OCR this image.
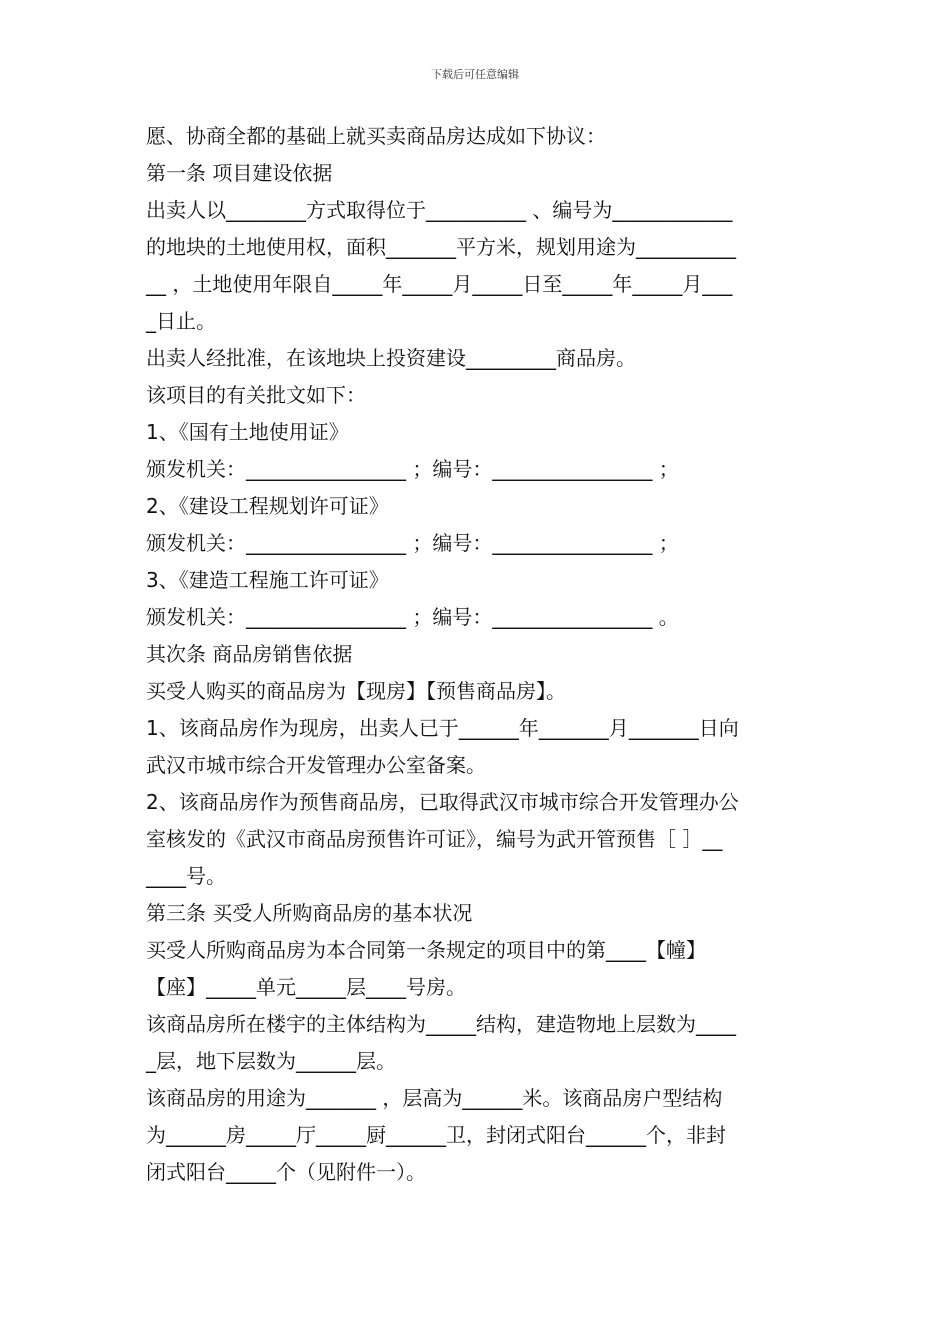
下载后可任意编辑
愿、协商全都的基础上就买卖商品房达成如下协议：
第一条 项目建设依据
出卖人以________方式取得位于__________ 、编号为____________
的地块的土地使用权，面积_______平方米，规划用途为__________
__ ，土地使用年限自_____年_____月_____日至_____年_____月___
_日止。
出卖人经批准，在该地块上投资建设_________商品房。
该项目的有关批文如下：
1、《国有土地使用证》
颁发机关：________________ ；编号：________________ ；
2、《建设工程规划许可证》
颁发机关：________________ ；编号：________________ ；
3、《建造工程施工许可证》
颁发机关：________________ ；编号：________________ 。
其次条 商品房销售依据
买受人购买的商品房为【现房】【预售商品房】。
1、该商品房作为现房，出卖人已于______年_______月_______日向
武汉市城市综合开发管理办公室备案。
2、该商品房作为预售商品房，已取得武汉市城市综合开发管理办公
室核发的《武汉市商品房预售许可证》，编号为武开管预售［ ］__
____号。
第三条 买受人所购商品房的基本状况
买受人所购商品房为本合同第一条规定的项目中的第____【幢】
【座】_____单元_____层____号房。
该商品房所在楼宇的主体结构为_____结构，建造物地上层数为____
_层，地下层数为______层。
该商品房的用途为_______ ，层高为______米。该商品房户型结构
为______房_____厅_____厨______卫，封闭式阳台______个，非封
闭式阳台_____个（见附件一）。
